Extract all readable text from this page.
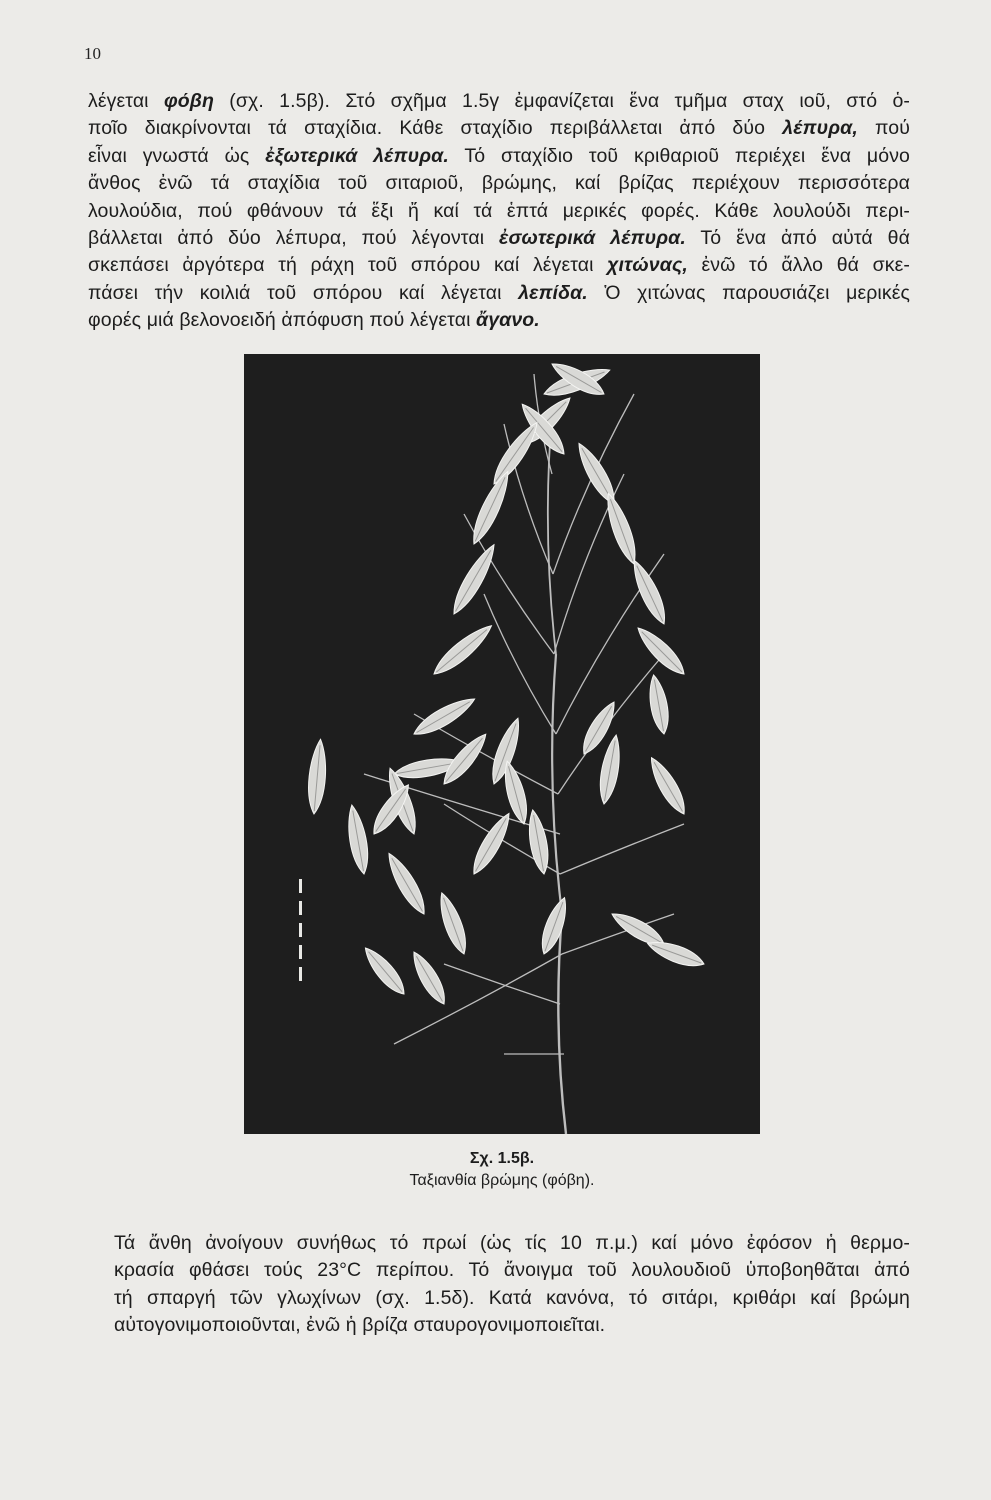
10

λέγεται φόβη (σχ. 1.5β). Στό σχῆμα 1.5γ ἐμφανίζεται ἕνα τμῆμα σταχ ιοῦ, στό ὁ-
ποῖο διακρίνονται τά σταχίδια. Κάθε σταχίδιο περιβάλλεται ἀπό δύο λέπυρα, πού
εἶναι γνωστά ὡς ἐξωτερικά λέπυρα. Τό σταχίδιο τοῦ κριθαριοῦ περιέχει ἕνα μόνο
ἄνθος ἐνῶ τά σταχίδια τοῦ σιταριοῦ, βρώμης, καί βρίζας περιέχουν περισσότερα
λουλούδια, πού φθάνουν τά ἕξι ἤ καί τά ἑπτά μερικές φορές. Κάθε λουλούδι περι-
βάλλεται ἀπό δύο λέπυρα, πού λέγονται ἐσωτερικά λέπυρα. Τό ἕνα ἀπό αὐτά θά
σκεπάσει ἀργότερα τή ράχη τοῦ σπόρου καί λέγεται χιτώνας, ἐνῶ τό ἄλλο θά σκε-
πάσει τήν κοιλιά τοῦ σπόρου καί λέγεται λεπίδα. Ὁ χιτώνας παρουσιάζει μερικές
φορές μιά βελονοειδή ἀπόφυση πού λέγεται ἄγανο.

Σχ. 1.5β.
Ταξιανθία βρώμης (φόβη).

Τά ἄνθη ἀνοίγουν συνήθως τό πρωί (ὡς τίς 10 π.μ.) καί μόνο ἐφόσον ἡ θερμο-
κρασία φθάσει τούς 23°C περίπου. Τό ἄνοιγμα τοῦ λουλουδιοῦ ὑποβοηθᾶται ἀπό
τή σπαργή τῶν γλωχίνων (σχ. 1.5δ). Κατά κανόνα, τό σιτάρι, κριθάρι καί βρώμη
αὐτογονιμοποιοῦνται, ἐνῶ ἡ βρίζα σταυρογονιμοποιεῖται.
